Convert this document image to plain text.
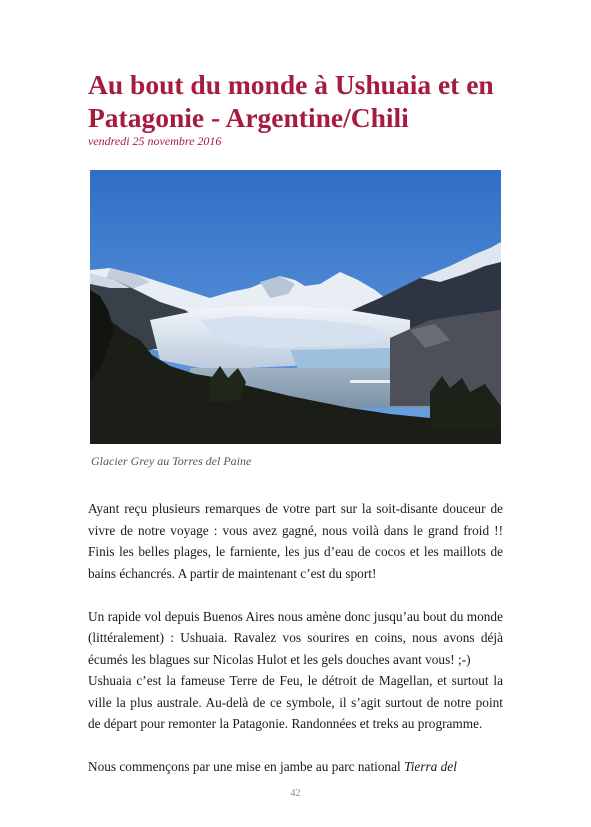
Au bout du monde à Ushuaia et en Patagonie - Argentine/Chili
vendredi 25 novembre 2016
Glacier Grey au Torres del Paine

Ayant reçu plusieurs remarques de votre part sur la soit-disante douceur de vivre de notre voyage : vous avez gagné, nous voilà dans le grand froid !! Finis les belles plages, le farniente, les jus d’eau de cocos et les maillots de bains échancrés. A partir de maintenant c’est du sport!

Un rapide vol depuis Buenos Aires nous amène donc jusqu’au bout du monde (littéralement) : Ushuaia. Ravalez vos sourires en coins, nous avons déjà écumés les blagues sur Nicolas Hulot et les gels douches avant vous! ;-)

Ushuaia c’est la fameuse Terre de Feu, le détroit de Magellan, et surtout la ville la plus australe. Au-delà de ce symbole, il s’agit surtout de notre point de départ pour remonter la Patagonie. Randonnées et treks au programme.

Nous commençons par une mise en jambe au parc national Tierra del

42
